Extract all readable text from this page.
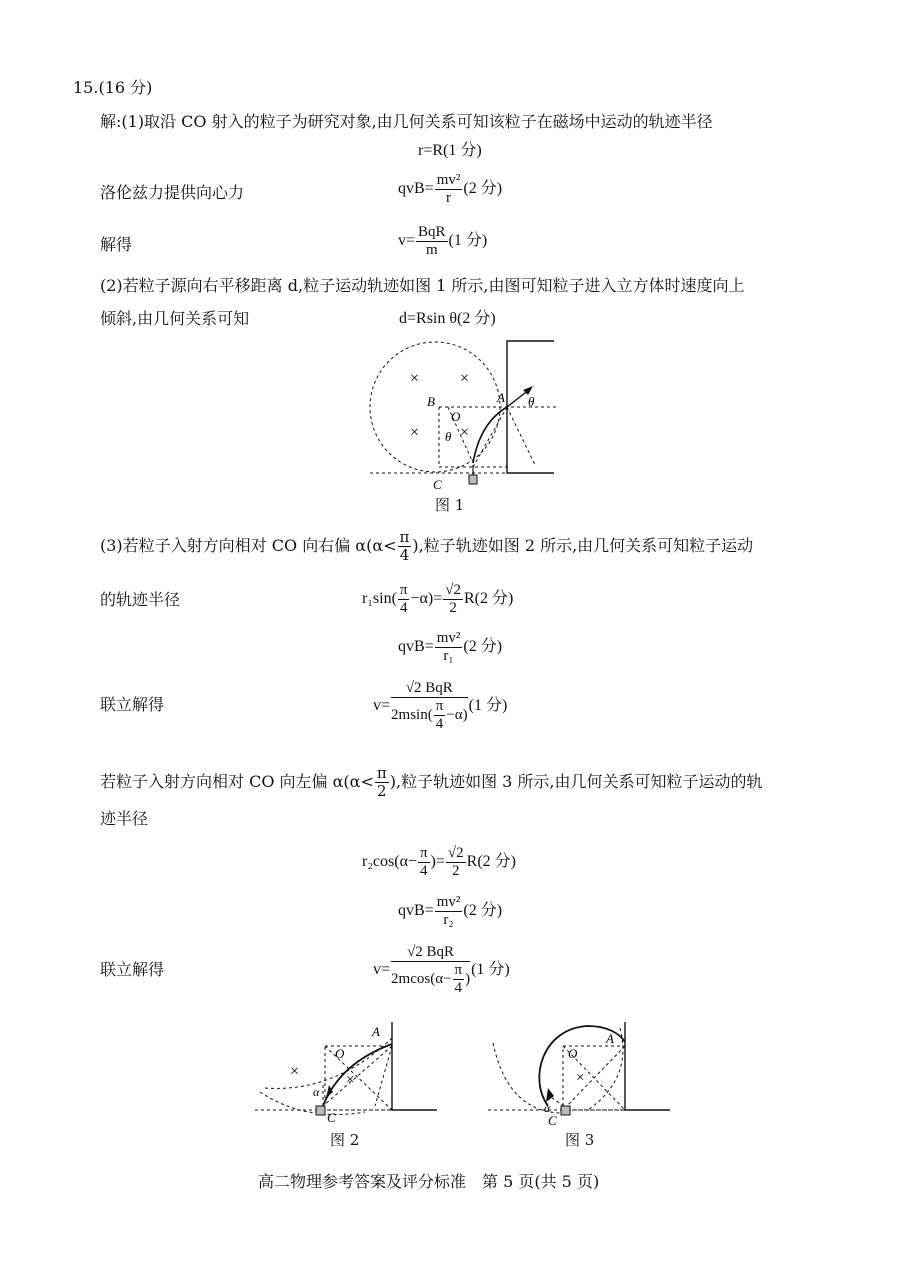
15.(16 分)
解:(1)取沿 CO 射入的粒子为研究对象,由几何关系可知该粒子在磁场中运动的轨迹半径
r=R(1 分)
洛伦兹力提供向心力	$qvB= \frac{\text{mv²}}{r} (2$ 分)
解得	$v= \frac{\text{BqR}}{m} (1$ 分)
(2)若粒子源向右平移距离 d,粒子运动轨迹如图 1 所示,由图可知粒子进入立方体时速度向上
倾斜,由几何关系可知	d=Rsin θ(2 分)
×	×
×	×
B
O
A θ
θ
C
图 1
(3)若粒子入射方向相对 CO 向右偏 $\alpha(\alpha< \frac{\pi}{4}$ ),粒子轨迹如图 2 所示,由几何关系可知粒子运动
的轨迹半径	$r_1\sin( \frac{\pi}{4} -\alpha)= \frac{√2}{2} R(2$ 分)
$qvB= \frac{\text{mv²}}{\text{r₁}} (2$ 分)
联立解得	$v= \frac{\text{√2 BqR}}{2msin( \frac{\pi}{4} -\alpha)} (1$ 分)
若粒子入射方向相对 CO 向左偏 $\alpha(\alpha< \frac{\pi}{2}$ ),粒子轨迹如图 3 所示,由几何关系可知粒子运动的轨
迹半径
$r_2\cos(\alpha- \frac{\pi}{4}$ )= $\frac{√2}{2} R(2$ 分)
$qvB= \frac{\text{mv²}}{\text{r₂}} (2$ 分)
联立解得	$v= \frac{\text{√2 BqR}}{2mcos(\alpha- \frac{\pi}{4} )} (1$ 分)
×	×
O
A
α
C
图 2
×
O
A
α
C
图 3
高二物理参考答案及评分标准　第 5 页(共 5 页)
